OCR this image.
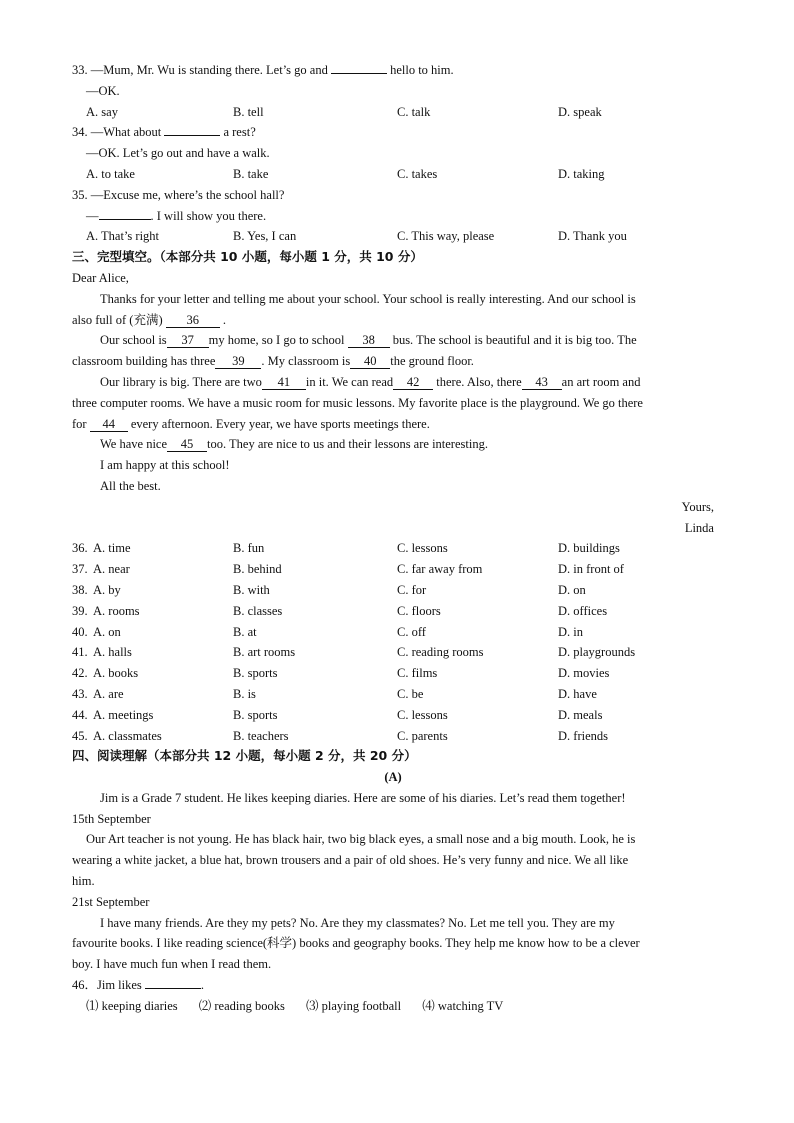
33. —Mum, Mr. Wu is standing there. Let’s go and	hello to him.
—OK.
A. say	B. tell	C. talk	D. speak
34. —What about	a rest?
—OK. Let’s go out and have a walk.
A. to take	B. take	C. takes	D. taking
35. —Excuse me, where’s the school hall?
—	. I will show you there.
A. That’s right	B. Yes, I can	C. This way, please	D. Thank you
三、完型填空。（本部分共 10 小题，每小题 1 分，共 10 分）
Dear Alice,
Thanks for your letter and telling me about your school. Your school is really interesting. And our school is
also full of (充满) 36 .
Our school is 37 my home, so I go to school 38 bus. The school is beautiful and it is big too. The
classroom building has three 39 . My classroom is 40 the ground floor.
Our library is big. There are two 41 in it. We can read 42 there. Also, there 43 an art room and
three computer rooms. We have a music room for music lessons. My favorite place is the playground. We go there
for 44 every afternoon. Every year, we have sports meetings there.
We have nice 45 too. They are nice to us and their lessons are interesting.
I am happy at this school!
All the best.
Yours,
Linda
36. A. time	B. fun	C. lessons	D. buildings
37. A. near	B. behind	C. far away from	D. in front of
38. A. by	B. with	C. for	D. on
39. A. rooms	B. classes	C. floors	D. offices
40. A. on	B. at	C. off	D. in
41. A. halls	B. art rooms	C. reading rooms	D. playgrounds
42. A. books	B. sports	C. films	D. movies
43. A. are	B. is	C. be	D. have
44. A. meetings	B. sports	C. lessons	D. meals
45. A. classmates	B. teachers	C. parents	D. friends
四、阅读理解（本部分共 12 小题，每小题 2 分，共 20 分）
(A)
Jim is a Grade 7 student. He likes keeping diaries. Here are some of his diaries. Let’s read them together!
15th September
Our Art teacher is not young. He has black hair, two big black eyes, a small nose and a big mouth. Look, he is
wearing a white jacket, a blue hat, brown trousers and a pair of old shoes. He’s very funny and nice. We all like
him.
21st September
I have many friends. Are they my pets? No. Are they my classmates? No. Let me tell you. They are my
favourite books. I like reading science(科学) books and geography books. They help me know how to be a clever
boy. I have much fun when I read them.
46．Jim likes	.
⑴ keeping diaries ⑵ reading books ⑶ playing football ⑷ watching TV
